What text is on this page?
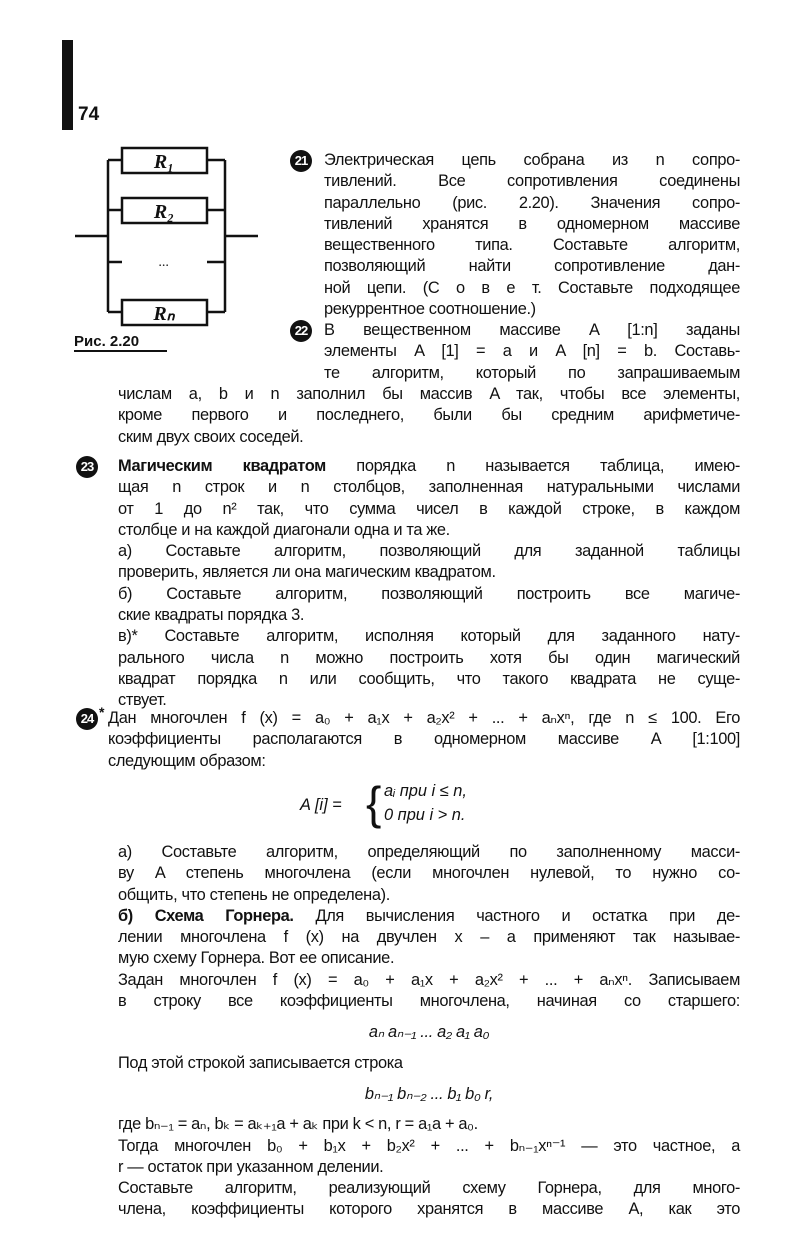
74
R₁
R₂
...
Rₙ
Рис. 2.20
21 Электрическая цепь собрана из n сопро-
тивлений. Все сопротивления соединены
параллельно (рис. 2.20). Значения сопро-
тивлений хранятся в одномерном массиве
вещественного типа. Составьте алгоритм,
позволяющий найти сопротивление дан-
ной цепи. (С о в е т. Составьте подходящее
рекуррентное соотношение.)
22 В вещественном массиве A [1:n] заданы
элементы A [1] = a и A [n] = b. Составь-
те алгоритм, который по запрашиваемым
числам a, b и n заполнил бы массив A так, чтобы все элементы,
кроме первого и последнего, были бы средним арифметиче-
ским двух своих соседей.
23 Магическим квадратом порядка n называется таблица, имею-
щая n строк и n столбцов, заполненная натуральными числами
от 1 до n² так, что сумма чисел в каждой строке, в каждом
столбце и на каждой диагонали одна и та же.
а) Составьте алгоритм, позволяющий для заданной таблицы
проверить, является ли она магическим квадратом.
б) Составьте алгоритм, позволяющий построить все магиче-
ские квадраты порядка 3.
в)* Составьте алгоритм, исполняя который для заданного нату-
рального числа n можно построить хотя бы один магический
квадрат порядка n или сообщить, что такого квадрата не суще-
ствует.
24 * Дан многочлен f (x) = a₀ + a₁x + a₂x² + ... + aₙxⁿ, где n ≤ 100. Его
коэффициенты располагаются в одномерном массиве A [1:100]
следующим образом:
A [i] = { aᵢ при i ≤ n,
0 при i > n.
а) Составьте алгоритм, определяющий по заполненному масси-
ву A степень многочлена (если многочлен нулевой, то нужно со-
общить, что степень не определена).
б) Схема Горнера. Для вычисления частного и остатка при де-
лении многочлена f (x) на двучлен x – a применяют так называе-
мую схему Горнера. Вот ее описание.
Задан многочлен f (x) = a₀ + a₁x + a₂x² + ... + aₙxⁿ. Записываем
в строку все коэффициенты многочлена, начиная со старшего:
aₙ aₙ₋₁ ... a₂ a₁ a₀
Под этой строкой записывается строка
bₙ₋₁ bₙ₋₂ ... b₁ b₀ r,
где bₙ₋₁ = aₙ, bₖ = aₖ₊₁a + aₖ при k < n, r = a₁a + a₀.
Тогда многочлен b₀ + b₁x + b₂x² + ... + bₙ₋₁xⁿ⁻¹ — это частное, а
r — остаток при указанном делении.
Составьте алгоритм, реализующий схему Горнера, для много-
члена, коэффициенты которого хранятся в массиве A, как это
